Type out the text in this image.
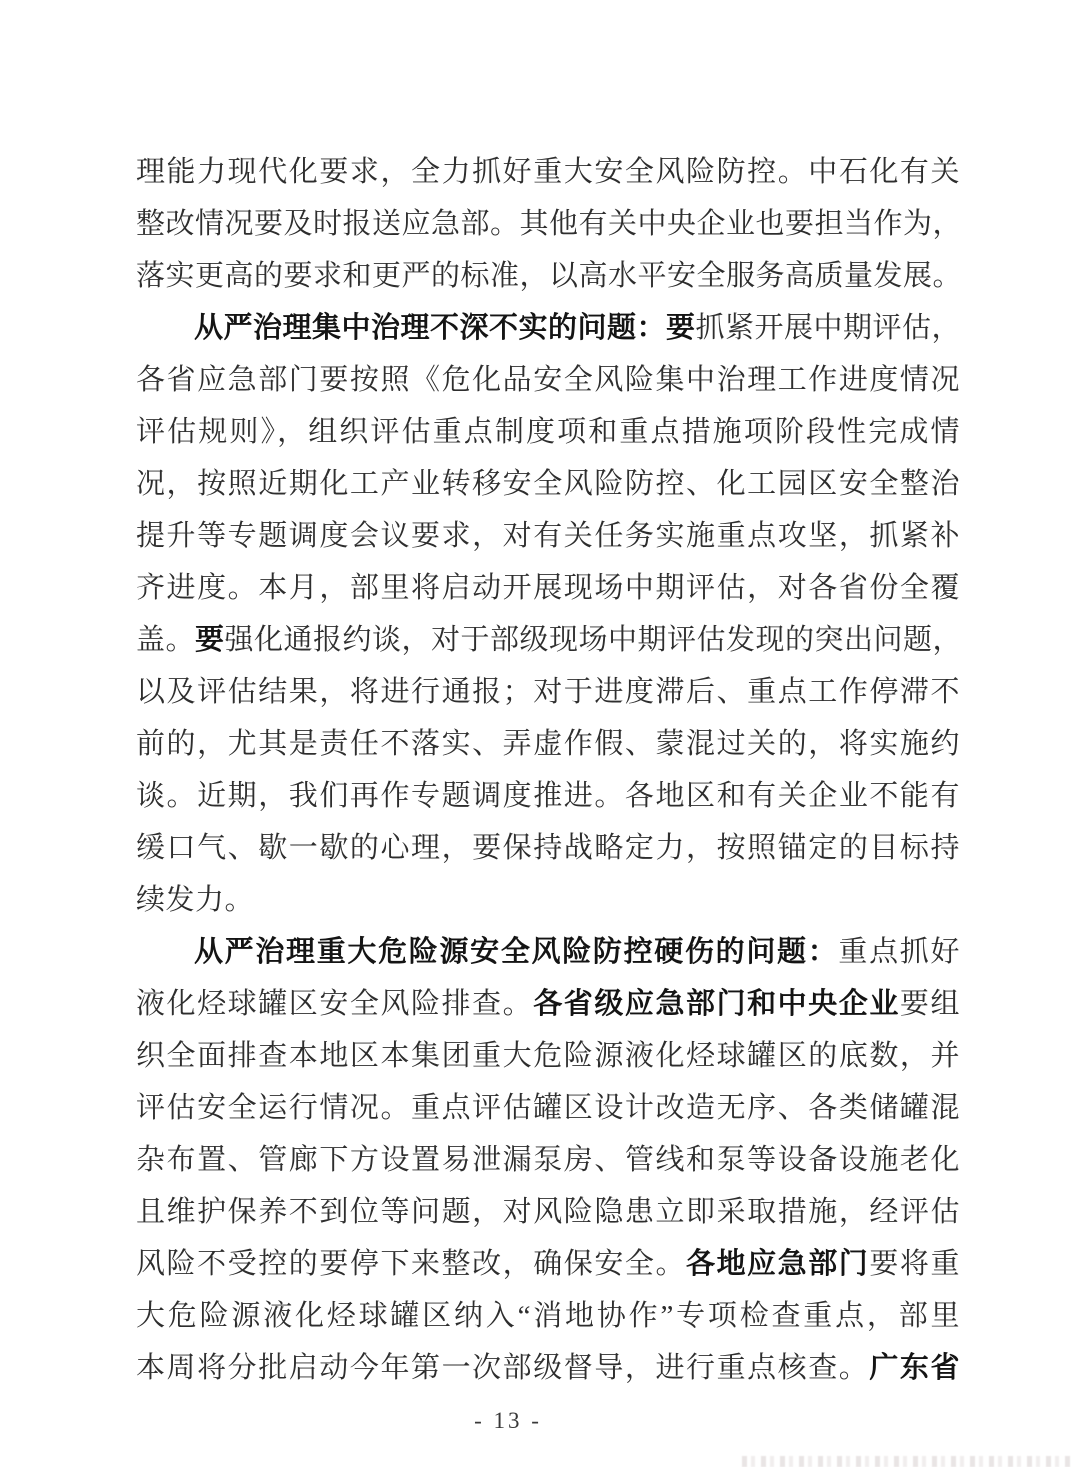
理能力现代化要求，全力抓好重大安全风险防控。中石化有关
整改情况要及时报送应急部。其他有关中央企业也要担当作为，
落实更高的要求和更严的标准，以高水平安全服务高质量发展。
从严治理集中治理不深不实的问题：要抓紧开展中期评估，
各省应急部门要按照《危化品安全风险集中治理工作进度情况
评估规则》，组织评估重点制度项和重点措施项阶段性完成情
况，按照近期化工产业转移安全风险防控、化工园区安全整治
提升等专题调度会议要求，对有关任务实施重点攻坚，抓紧补
齐进度。本月，部里将启动开展现场中期评估，对各省份全覆
盖。要强化通报约谈，对于部级现场中期评估发现的突出问题，
以及评估结果，将进行通报；对于进度滞后、重点工作停滞不
前的，尤其是责任不落实、弄虚作假、蒙混过关的，将实施约
谈。近期，我们再作专题调度推进。各地区和有关企业不能有
缓口气、歇一歇的心理，要保持战略定力，按照锚定的目标持
续发力。
从严治理重大危险源安全风险防控硬伤的问题：重点抓好
液化烃球罐区安全风险排查。各省级应急部门和中央企业要组
织全面排查本地区本集团重大危险源液化烃球罐区的底数，并
评估安全运行情况。重点评估罐区设计改造无序、各类储罐混
杂布置、管廊下方设置易泄漏泵房、管线和泵等设备设施老化
且维护保养不到位等问题，对风险隐患立即采取措施，经评估
风险不受控的要停下来整改，确保安全。各地应急部门要将重
大危险源液化烃球罐区纳入“消地协作”专项检查重点，部里
本周将分批启动今年第一次部级督导，进行重点核查。广东省
- 13 -
